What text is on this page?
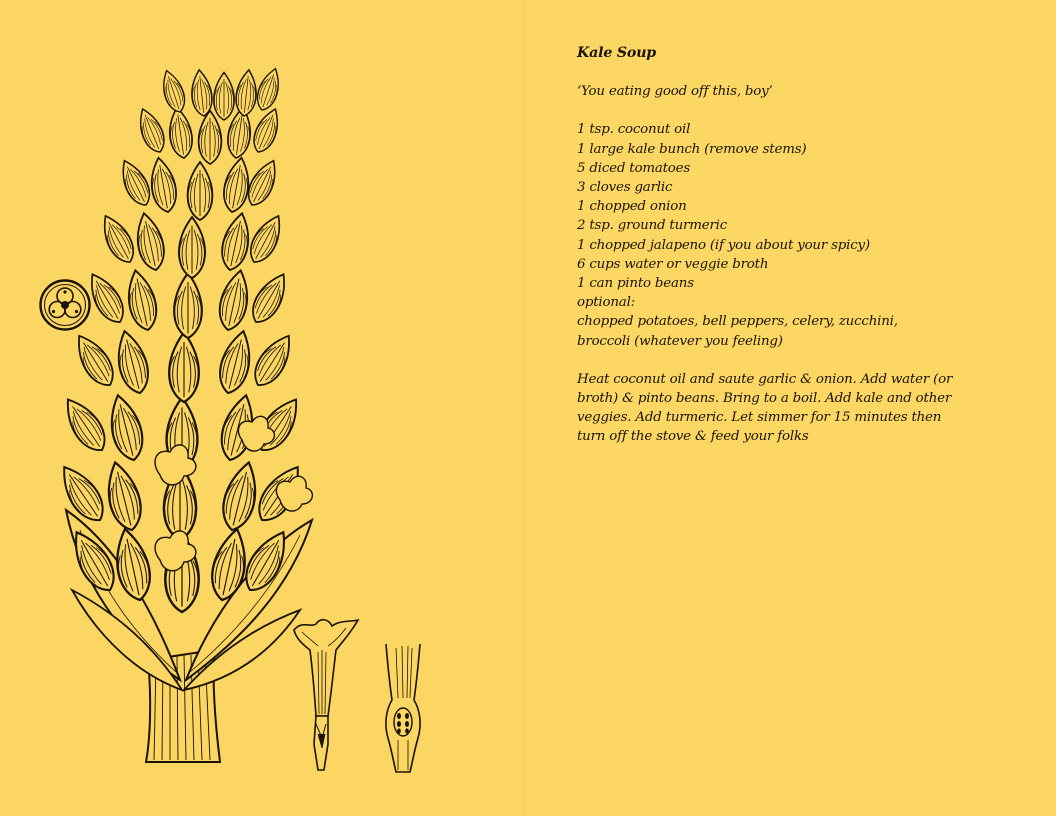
Kale Soup

‘You eating good off this, boy’

1 tsp. coconut oil
1 large kale bunch (remove stems)
5 diced tomatoes
3 cloves garlic
1 chopped onion
2 tsp. ground turmeric
1 chopped jalapeno (if you about your spicy)
6 cups water or veggie broth
1 can pinto beans

optional:

chopped potatoes, bell peppers, celery, zucchini, broccoli (whatever you feeling)

Heat coconut oil and saute garlic & onion. Add water (or broth) & pinto beans. Bring to a boil. Add kale and other veggies. Add turmeric. Let simmer for 15 minutes then turn off the stove & feed your folks
